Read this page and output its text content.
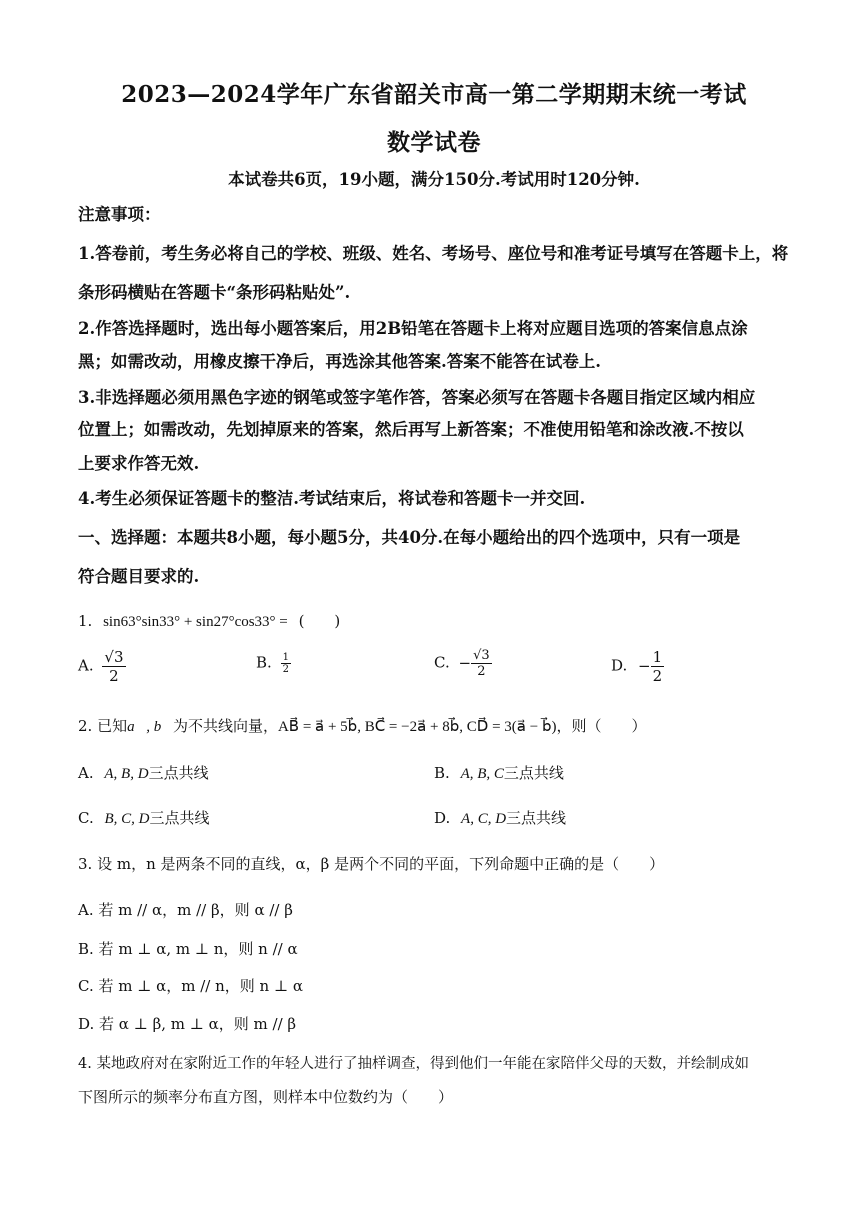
2023—2024学年广东省韶关市高一第二学期期末统一考试
数学试卷
本试卷共6页，19小题，满分150分.考试用时120分钟.
注意事项：
1.答卷前，考生务必将自己的学校、班级、姓名、考场号、座位号和准考证号填写在答题卡上，将
条形码横贴在答题卡“条形码粘贴处”.
2.作答选择题时，选出每小题答案后，用2B铅笔在答题卡上将对应题目选项的答案信息点涂
黑；如需改动，用橡皮擦干净后，再选涂其他答案.答案不能答在试卷上.
3.非选择题必须用黑色字迹的钢笔或签字笔作答，答案必须写在答题卡各题目指定区域内相应
位置上；如需改动，先划掉原来的答案，然后再写上新答案；不准使用铅笔和涂改液.不按以
上要求作答无效.
4.考生必须保证答题卡的整洁.考试结束后，将试卷和答题卡一并交回.
一、选择题：本题共8小题，每小题5分，共40分.在每小题给出的四个选项中，只有一项是
符合题目要求的.
1. sin63°sin33° + sin27°cos33° = (　　)
A. $\frac{√3}{2}$	B. $\frac{1}{2}$	C. − $\frac{√3}{2}$	D. − $\frac{1}{2}$
2. 已知a⃗, b⃗为不共线向量，AB⃗ = a⃗ + 5b⃗, BC⃗ = −2a⃗ + 8b⃗, CD⃗ = 3(a⃗ − b⃗)，则（　　）
A. A, B, D三点共线	B. A, B, C三点共线
C. B, C, D三点共线	D. A, C, D三点共线
3. 设 m，n 是两条不同的直线，α，β 是两个不同的平面，下列命题中正确的是（　　）
A. 若 m // α，m // β，则 α // β
B. 若 m ⊥ α, m ⊥ n，则 n // α
C. 若 m ⊥ α，m // n，则 n ⊥ α
D. 若 α ⊥ β, m ⊥ α，则 m // β
4. 某地政府对在家附近工作的年轻人进行了抽样调查，得到他们一年能在家陪伴父母的天数，并绘制成如
下图所示的频率分布直方图，则样本中位数约为（　　）
